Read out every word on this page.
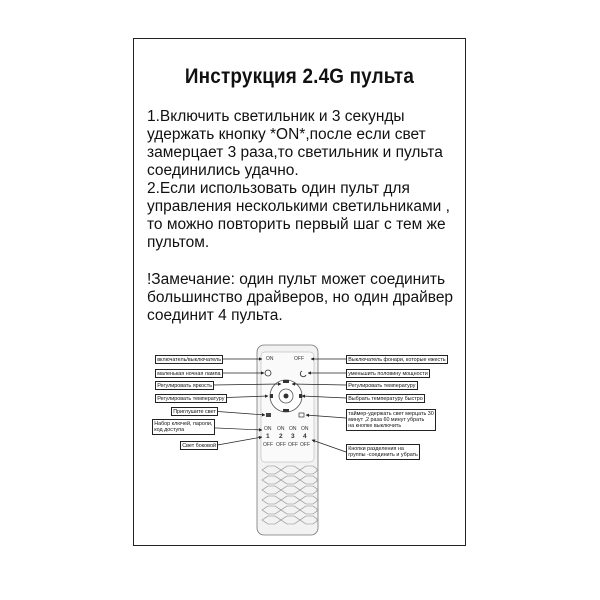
Инструкция 2.4G пульта
1.Включить светильник и 3 секунды
удержать кнопку *ON*,после если свет
замерцает 3 раза,то светильник и пульта
соединились удачно.
2.Если использовать один пульт для
управления несколькими светильниками ,
то можно повторить первый шаг с тем же
пультом.
!Замечание: один пульт может соединить
большинство драйверов, но один драйвер
соединит 4 пульта.
ON	OFF
ON ON ON ON
1 2 3 4
OFF OFF OFF OFF
включатель/выключатель
маленькая ночная лампа
Регулировать яркость
Регулировать температуру
Приглушите свет
Набор ключей, пароли,
код доступа
Свет боковой
Выключатель фонари, которые ежесть
уменьшить половину мощности
Регулировать температуру
Выбрать температуру быстро
таймер-удержать свет мерцать 30
минут ,2 раза 60 минут убрать
на кнопке выключить
Кнопки разделения на
группы -соединить и убрать
